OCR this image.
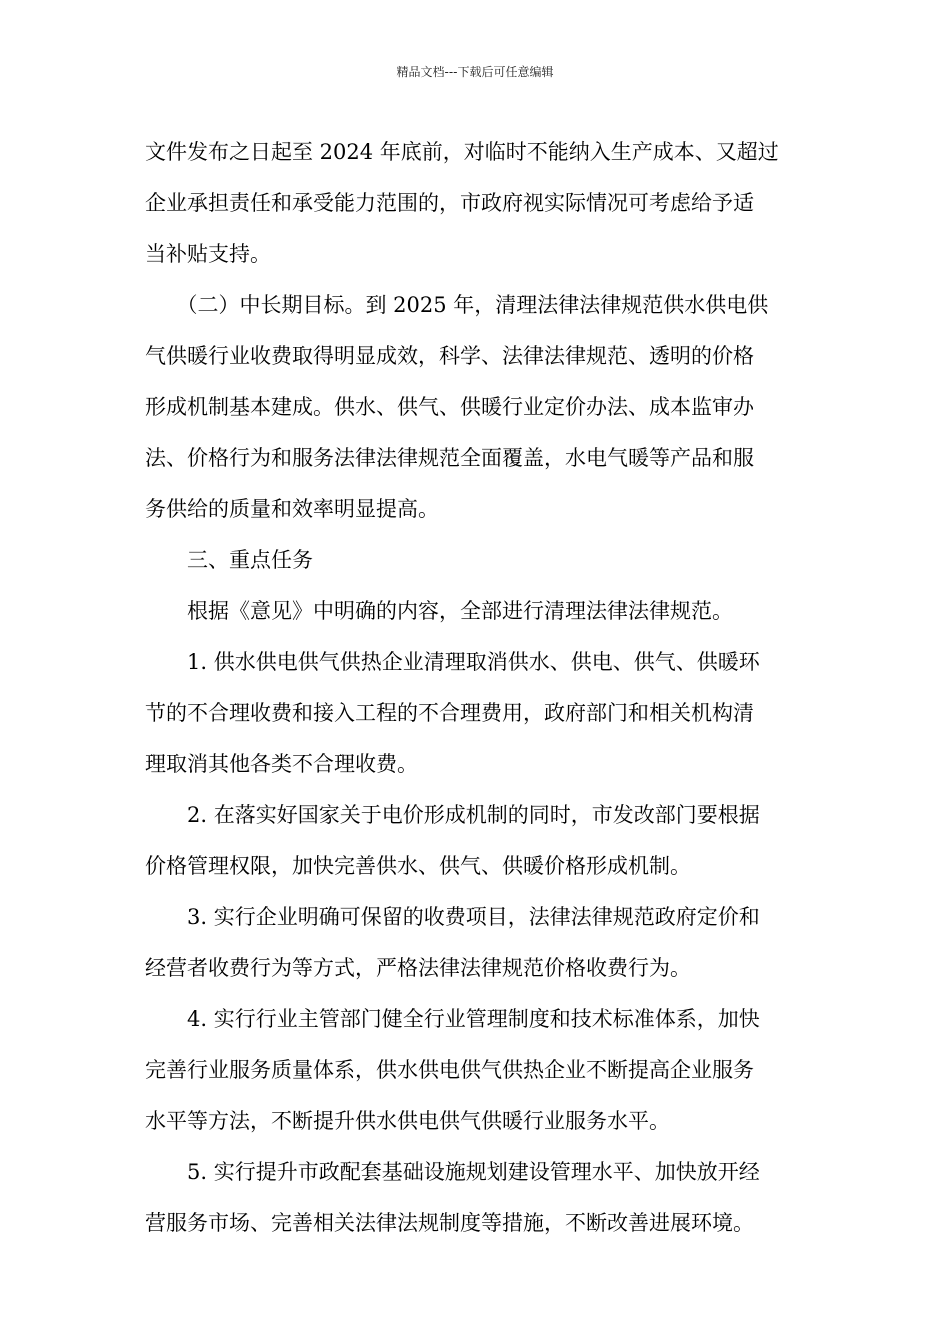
精品文档---下载后可任意编辑
文件发布之日起至 2024 年底前，对临时不能纳入生产成本、又超过
企业承担责任和承受能力范围的，市政府视实际情况可考虑给予适
当补贴支持。
　　（二）中长期目标。到 2025 年，清理法律法律规范供水供电供
气供暖行业收费取得明显成效，科学、法律法律规范、透明的价格
形成机制基本建成。供水、供气、供暖行业定价办法、成本监审办
法、价格行为和服务法律法律规范全面覆盖，水电气暖等产品和服
务供给的质量和效率明显提高。
　　三、重点任务
　　根据《意见》中明确的内容，全部进行清理法律法律规范。
　　1. 供水供电供气供热企业清理取消供水、供电、供气、供暖环
节的不合理收费和接入工程的不合理费用，政府部门和相关机构清
理取消其他各类不合理收费。
　　2. 在落实好国家关于电价形成机制的同时，市发改部门要根据
价格管理权限，加快完善供水、供气、供暖价格形成机制。
　　3. 实行企业明确可保留的收费项目，法律法律规范政府定价和
经营者收费行为等方式，严格法律法律规范价格收费行为。
　　4. 实行行业主管部门健全行业管理制度和技术标准体系，加快
完善行业服务质量体系，供水供电供气供热企业不断提高企业服务
水平等方法，不断提升供水供电供气供暖行业服务水平。
　　5. 实行提升市政配套基础设施规划建设管理水平、加快放开经
营服务市场、完善相关法律法规制度等措施，不断改善进展环境。
